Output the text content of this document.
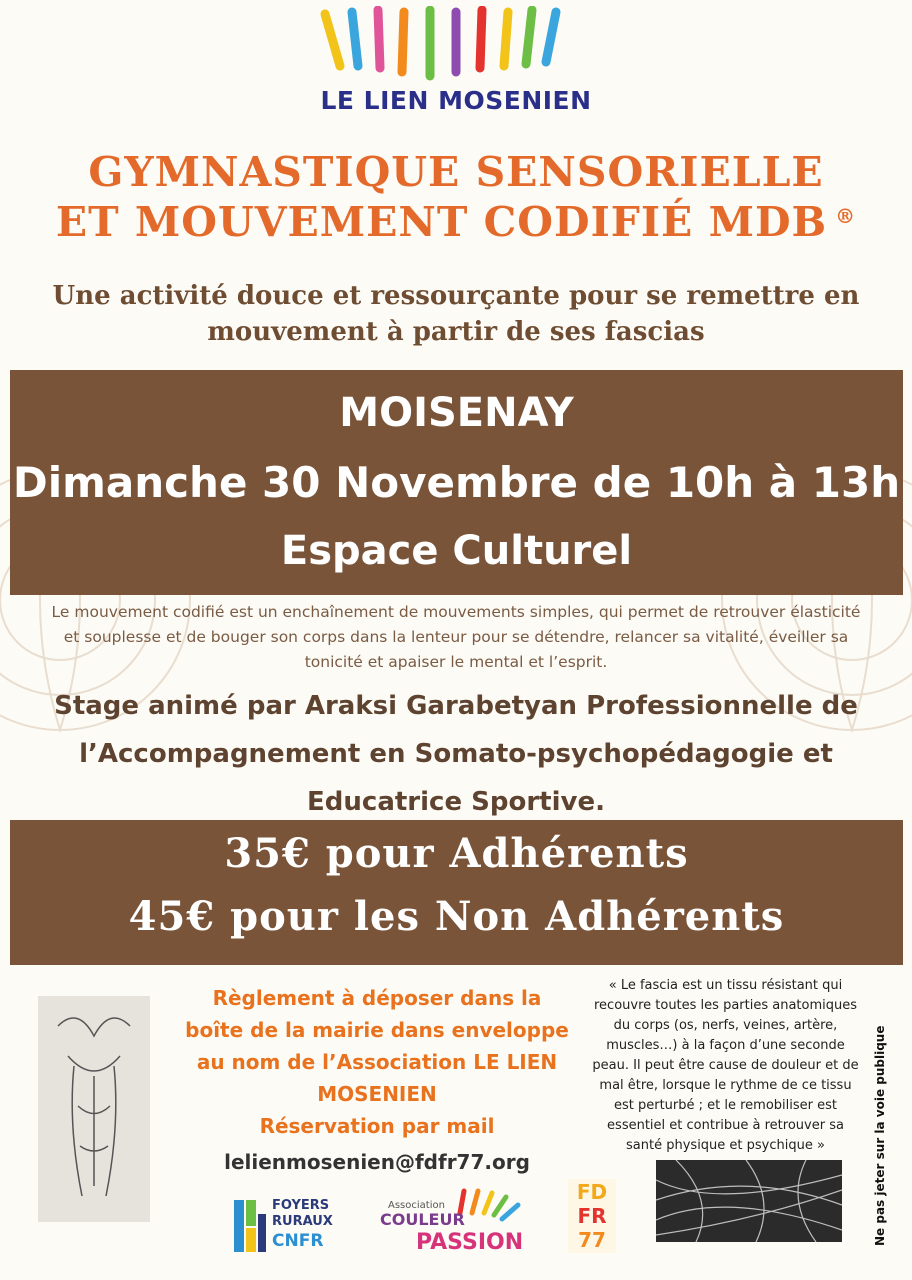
LE LIEN MOSENIEN
GYMNASTIQUE SENSORIELLE
ET MOUVEMENT CODIFIÉ MDB ®
Une activité douce et ressourçante pour se remettre en
mouvement à partir de ses fascias
MOISENAY
Dimanche 30 Novembre de 10h à 13h
Espace Culturel
Le mouvement codifié est un enchaînement de mouvements simples, qui permet de retrouver élasticité
et souplesse et de bouger son corps dans la lenteur pour se détendre, relancer sa vitalité, éveiller sa
tonicité et apaiser le mental et l’esprit.
Stage animé par Araksi Garabetyan Professionnelle de
l’Accompagnement en Somato-psychopédagogie et
Educatrice Sportive.
35€ pour Adhérents
45€ pour les Non Adhérents
Règlement à déposer dans la
boîte de la mairie dans enveloppe
au nom de l’Association LE LIEN
MOSENIEN
Réservation par mail
lelienmosenien@fdfr77.org
« Le fascia est un tissu résistant qui
recouvre toutes les parties anatomiques
du corps (os, nerfs, veines, artère,
muscles…) à la façon d’une seconde
peau. Il peut être cause de douleur et de
mal être, lorsque le rythme de ce tissu
est perturbé ; et le remobiliser est
essentiel et contribue à retrouver sa
santé physique et psychique »	Ne pas jeter sur la voie publique
FOYERS
RURAUX
CNFR
Association
COULEUR
PASSION
FD
FR
77
